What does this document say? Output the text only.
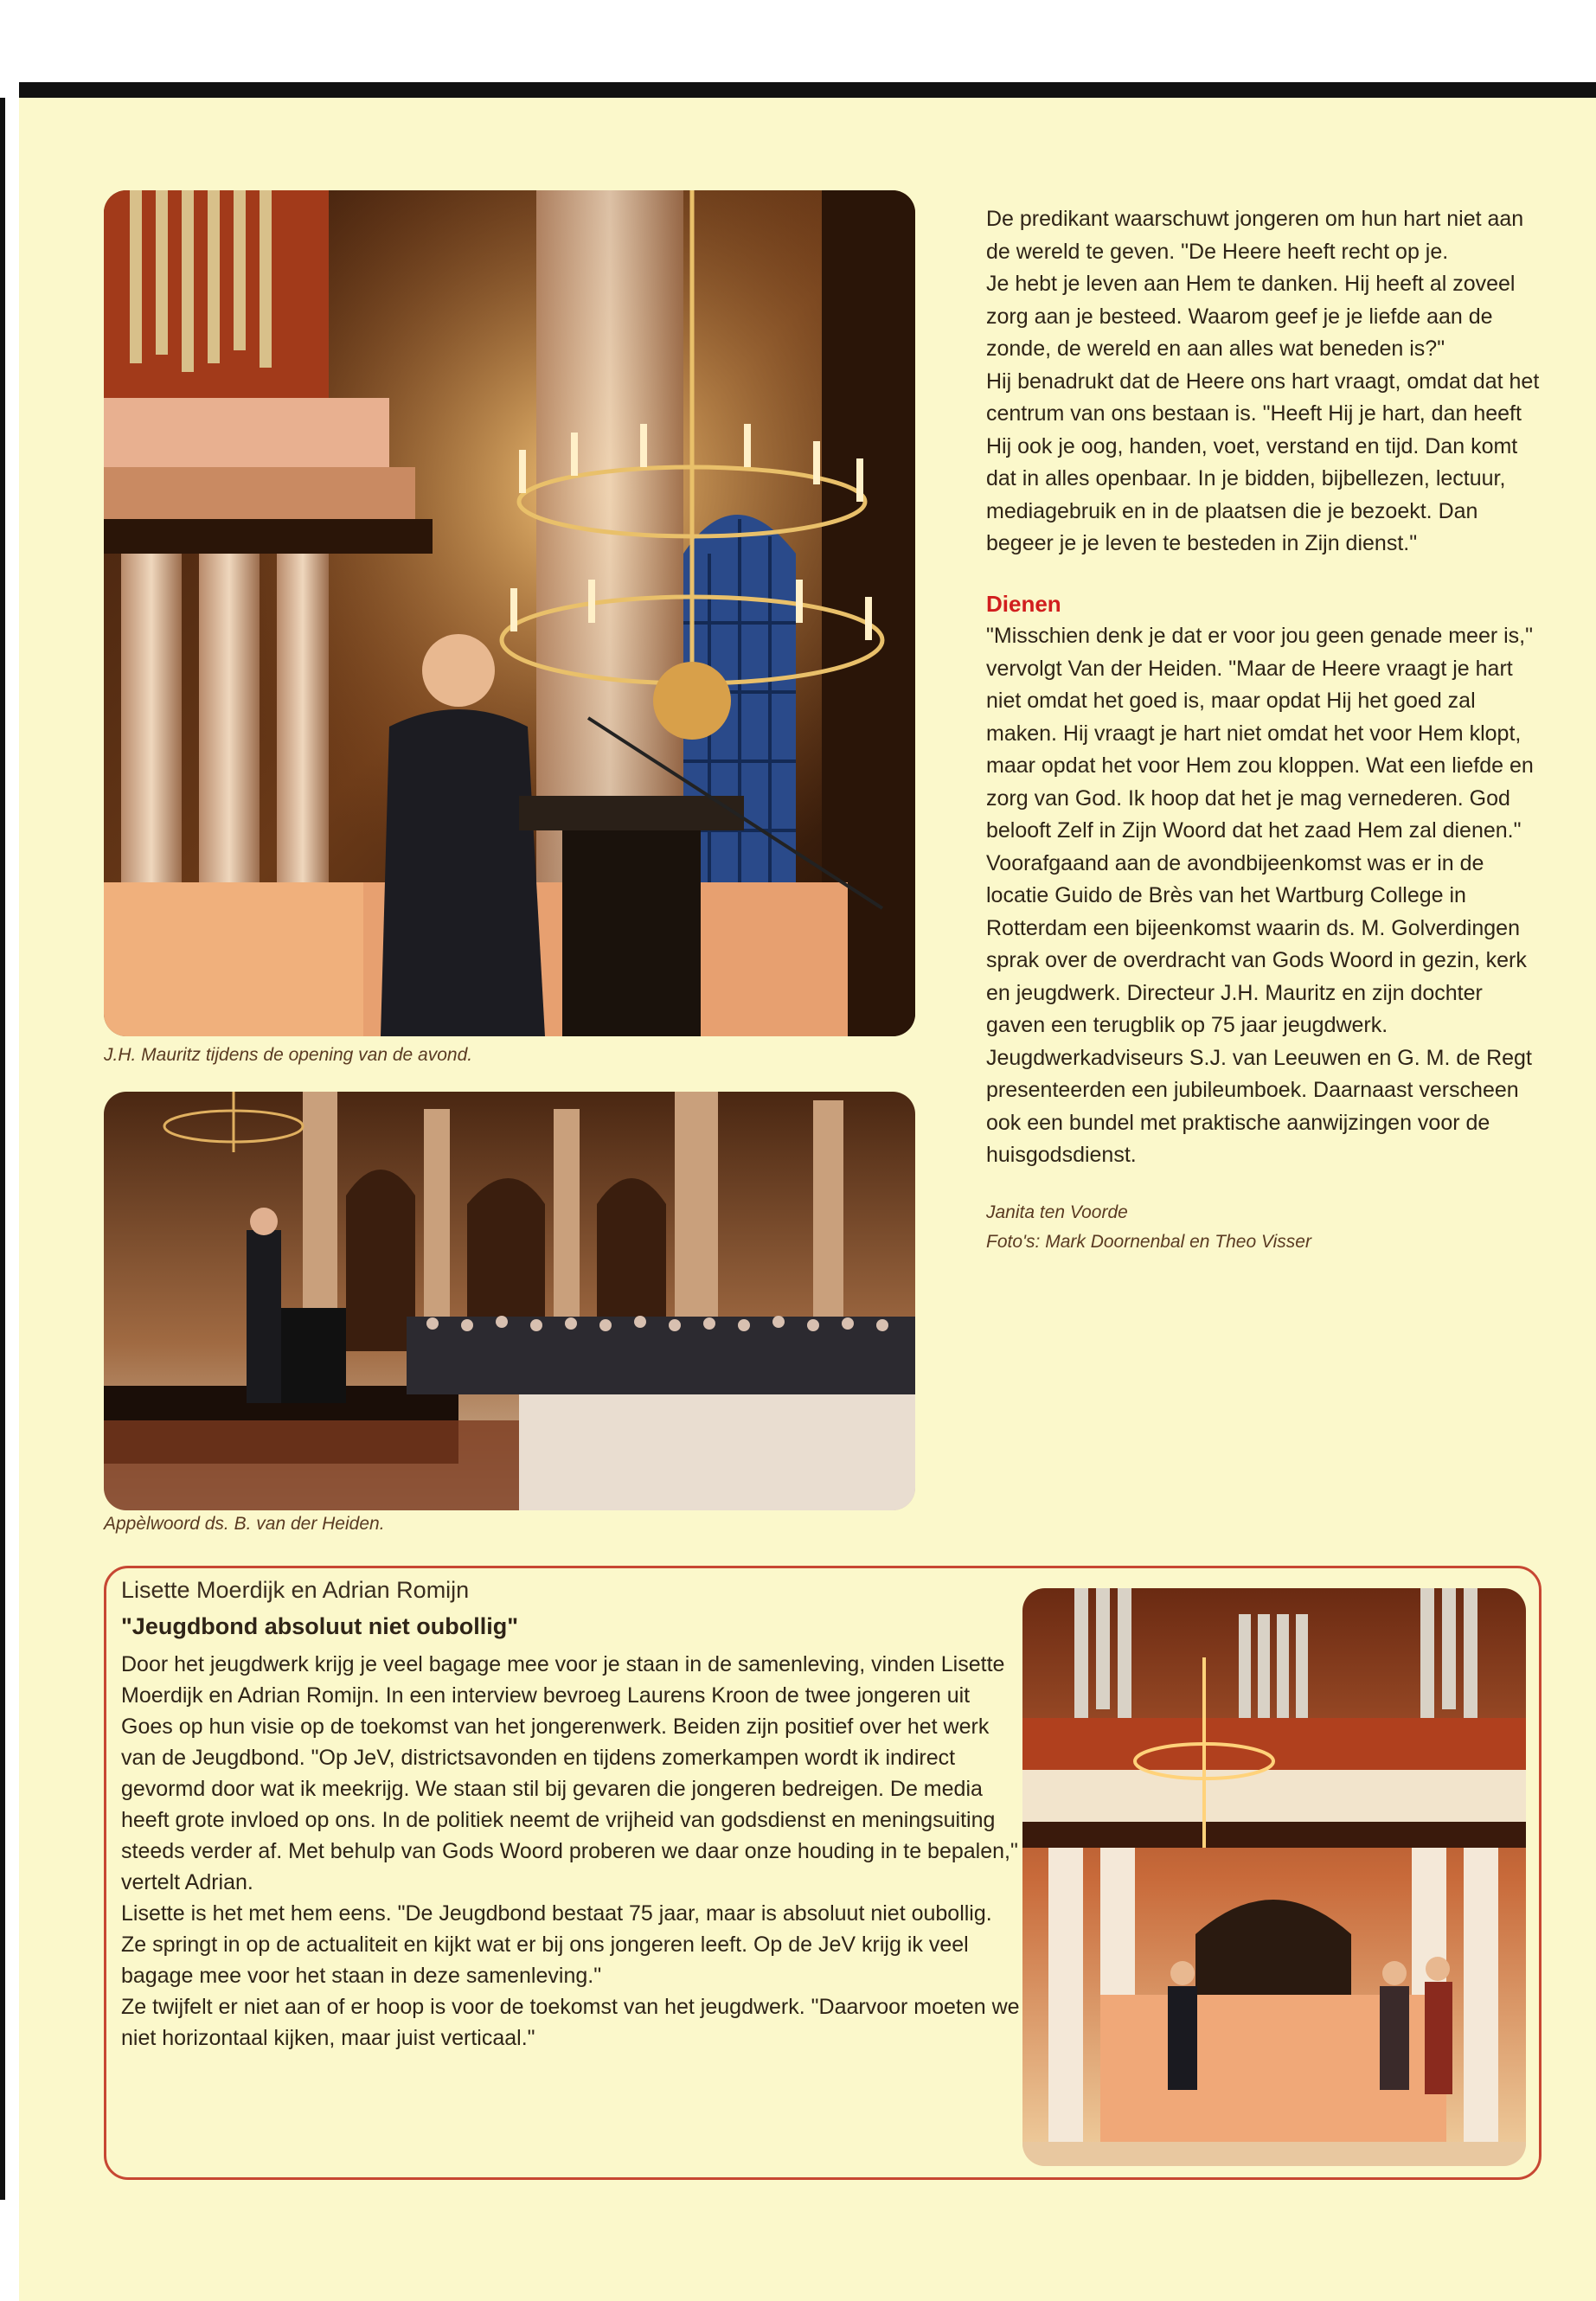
J.H. Mauritz tijdens de opening van de avond.
Appèlwoord ds. B. van der Heiden.

De predikant waarschuwt jongeren om hun hart niet aan de wereld te geven. "De Heere heeft recht op je.

Je hebt je leven aan Hem te danken. Hij heeft al zoveel zorg aan je besteed. Waarom geef je je liefde aan de zonde, de wereld en aan alles wat beneden is?"

Hij benadrukt dat de Heere ons hart vraagt, omdat dat het centrum van ons bestaan is. "Heeft Hij je hart, dan heeft Hij ook je oog, handen, voet, verstand en tijd. Dan komt dat in alles openbaar. In je bidden, bijbellezen, lectuur, mediagebruik en in de plaatsen die je bezoekt. Dan begeer je je leven te besteden in Zijn dienst."

Dienen

"Misschien denk je dat er voor jou geen genade meer is," vervolgt Van der Heiden. "Maar de Heere vraagt je hart niet omdat het goed is, maar opdat Hij het goed zal maken. Hij vraagt je hart niet omdat het voor Hem klopt, maar opdat het voor Hem zou kloppen. Wat een liefde en zorg van God. Ik hoop dat het je mag vernederen. God belooft Zelf in Zijn Woord dat het zaad Hem zal dienen."

Voorafgaand aan de avondbijeenkomst was er in de locatie Guido de Brès van het Wartburg College in Rotterdam een bijeenkomst waarin ds. M. Golverdingen sprak over de overdracht van Gods Woord in gezin, kerk en jeugdwerk. Directeur J.H. Mauritz en zijn dochter gaven een terugblik op 75 jaar jeugdwerk. Jeugdwerkadviseurs S.J. van Leeuwen en G. M. de Regt presenteerden een jubileumboek. Daarnaast verscheen ook een bundel met praktische aanwijzingen voor de huisgodsdienst.

Janita ten Voorde

Foto's: Mark Doornenbal en Theo Visser

Lisette Moerdijk en Adrian Romijn

"Jeugdbond absoluut niet oubollig"

Door het jeugdwerk krijg je veel bagage mee voor je staan in de samenleving, vinden Lisette Moerdijk en Adrian Romijn. In een interview bevroeg Laurens Kroon de twee jongeren uit Goes op hun visie op de toekomst van het jongerenwerk. Beiden zijn positief over het werk van de Jeugdbond. "Op JeV, districtsavonden en tijdens zomerkampen wordt ik indirect gevormd door wat ik meekrijg. We staan stil bij gevaren die jongeren bedreigen. De media heeft grote invloed op ons. In de politiek neemt de vrijheid van godsdienst en meningsuiting steeds verder af. Met behulp van Gods Woord proberen we daar onze houding in te bepalen," vertelt Adrian.

Lisette is het met hem eens. "De Jeugdbond bestaat 75 jaar, maar is absoluut niet oubollig. Ze springt in op de actualiteit en kijkt wat er bij ons jongeren leeft. Op de JeV krijg ik veel bagage mee voor het staan in deze samenleving."

Ze twijfelt er niet aan of er hoop is voor de toekomst van het jeugdwerk. "Daarvoor moeten we niet horizontaal kijken, maar juist verticaal."
